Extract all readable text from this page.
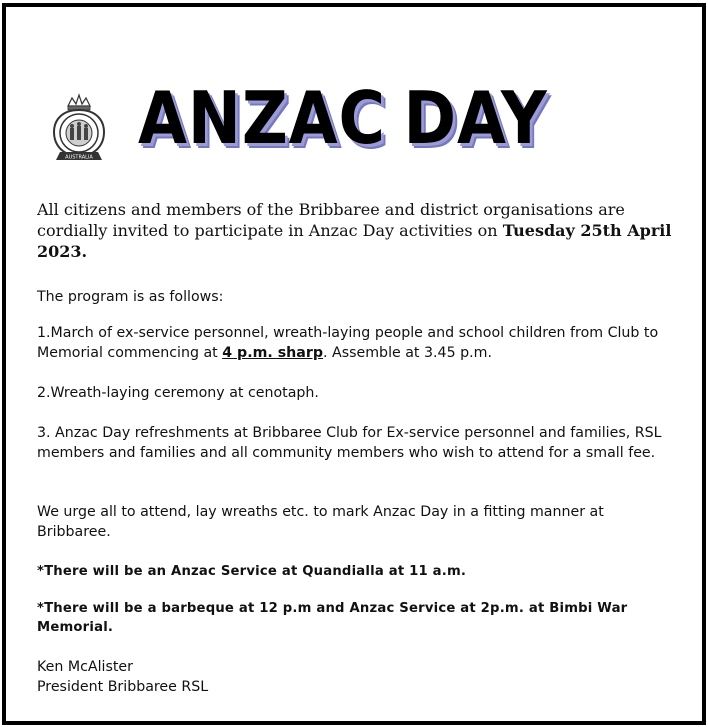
AUSTRALIA ANZAC DAY
All citizens and members of the Bribbaree and district organisations are cordially invited to participate in Anzac Day activities on Tuesday 25th April 2023.
The program is as follows:
1.March of ex-service personnel, wreath-laying people and school children from Club to Memorial commencing at 4 p.m. sharp. Assemble at 3.45 p.m.
2.Wreath-laying ceremony at cenotaph.
3. Anzac Day refreshments at Bribbaree Club for Ex-service personnel and families, RSL members and families and all community members who wish to attend for a small fee.
We urge all to attend, lay wreaths etc. to mark Anzac Day in a fitting manner at Bribbaree.
*There will be an Anzac Service at Quandialla at 11 a.m.
*There will be a barbeque at 12 p.m and Anzac Service at 2p.m. at Bimbi War Memorial.
Ken McAlister
President Bribbaree RSL
